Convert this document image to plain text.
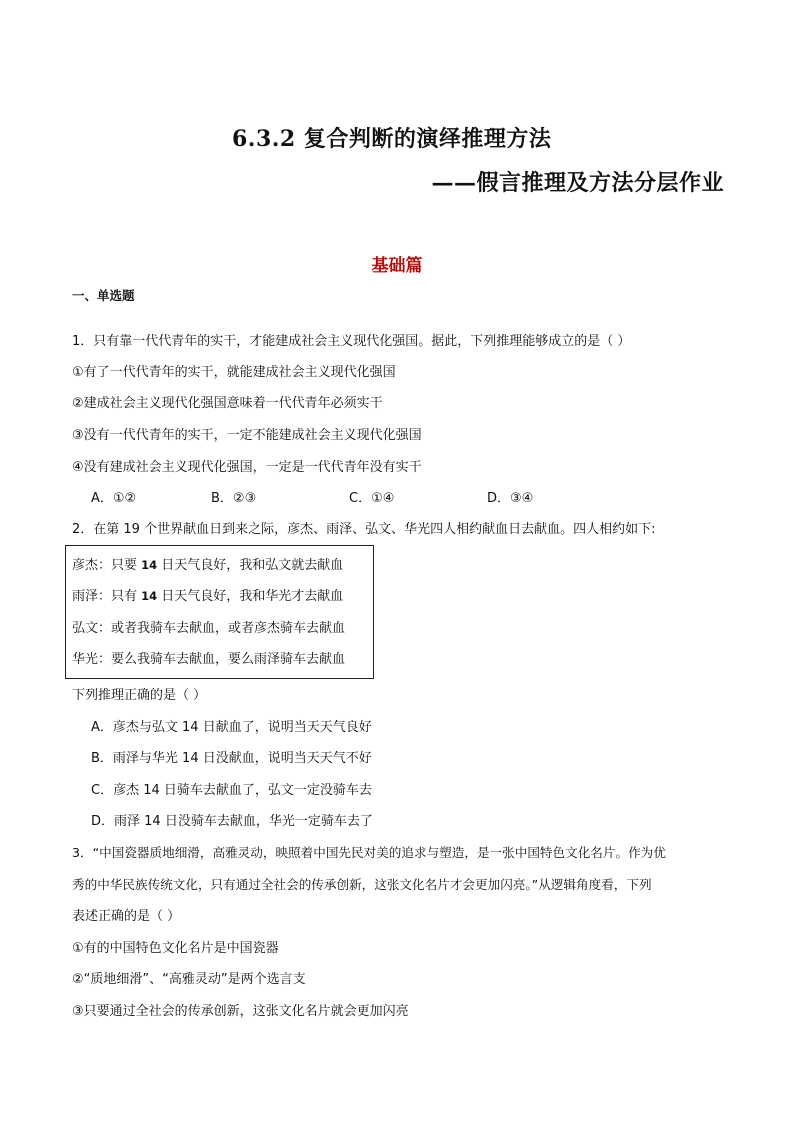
6.3.2 复合判断的演绎推理方法
——假言推理及方法分层作业
基础篇
一、单选题
1．只有靠一代代青年的实干，才能建成社会主义现代化强国。据此，下列推理能够成立的是（ ）
①有了一代代青年的实干，就能建成社会主义现代化强国
②建成社会主义现代化强国意味着一代代青年必须实干
③没有一代代青年的实干，一定不能建成社会主义现代化强国
④没有建成社会主义现代化强国，一定是一代代青年没有实干
A．①②	B．②③	C．①④	D．③④
2．在第 19 个世界献血日到来之际，彦杰、雨泽、弘文、华光四人相约献血日去献血。四人相约如下:
彦杰：只要 14 日天气良好，我和弘文就去献血
雨泽：只有 14 日天气良好，我和华光才去献血
弘文：或者我骑车去献血，或者彦杰骑车去献血
华光：要么我骑车去献血，要么雨泽骑车去献血
下列推理正确的是（ ）
A．彦杰与弘文 14 日献血了，说明当天天气良好
B．雨泽与华光 14 日没献血，说明当天天气不好
C．彦杰 14 日骑车去献血了，弘文一定没骑车去
D．雨泽 14 日没骑车去献血，华光一定骑车去了
3．“中国瓷器质地细滑，高雅灵动，映照着中国先民对美的追求与塑造，是一张中国特色文化名片。作为优
秀的中华民族传统文化，只有通过全社会的传承创新，这张文化名片才会更加闪亮。”从逻辑角度看，下列
表述正确的是（ ）
①有的中国特色文化名片是中国瓷器
②“质地细滑”、“高雅灵动”是两个选言支
③只要通过全社会的传承创新，这张文化名片就会更加闪亮
